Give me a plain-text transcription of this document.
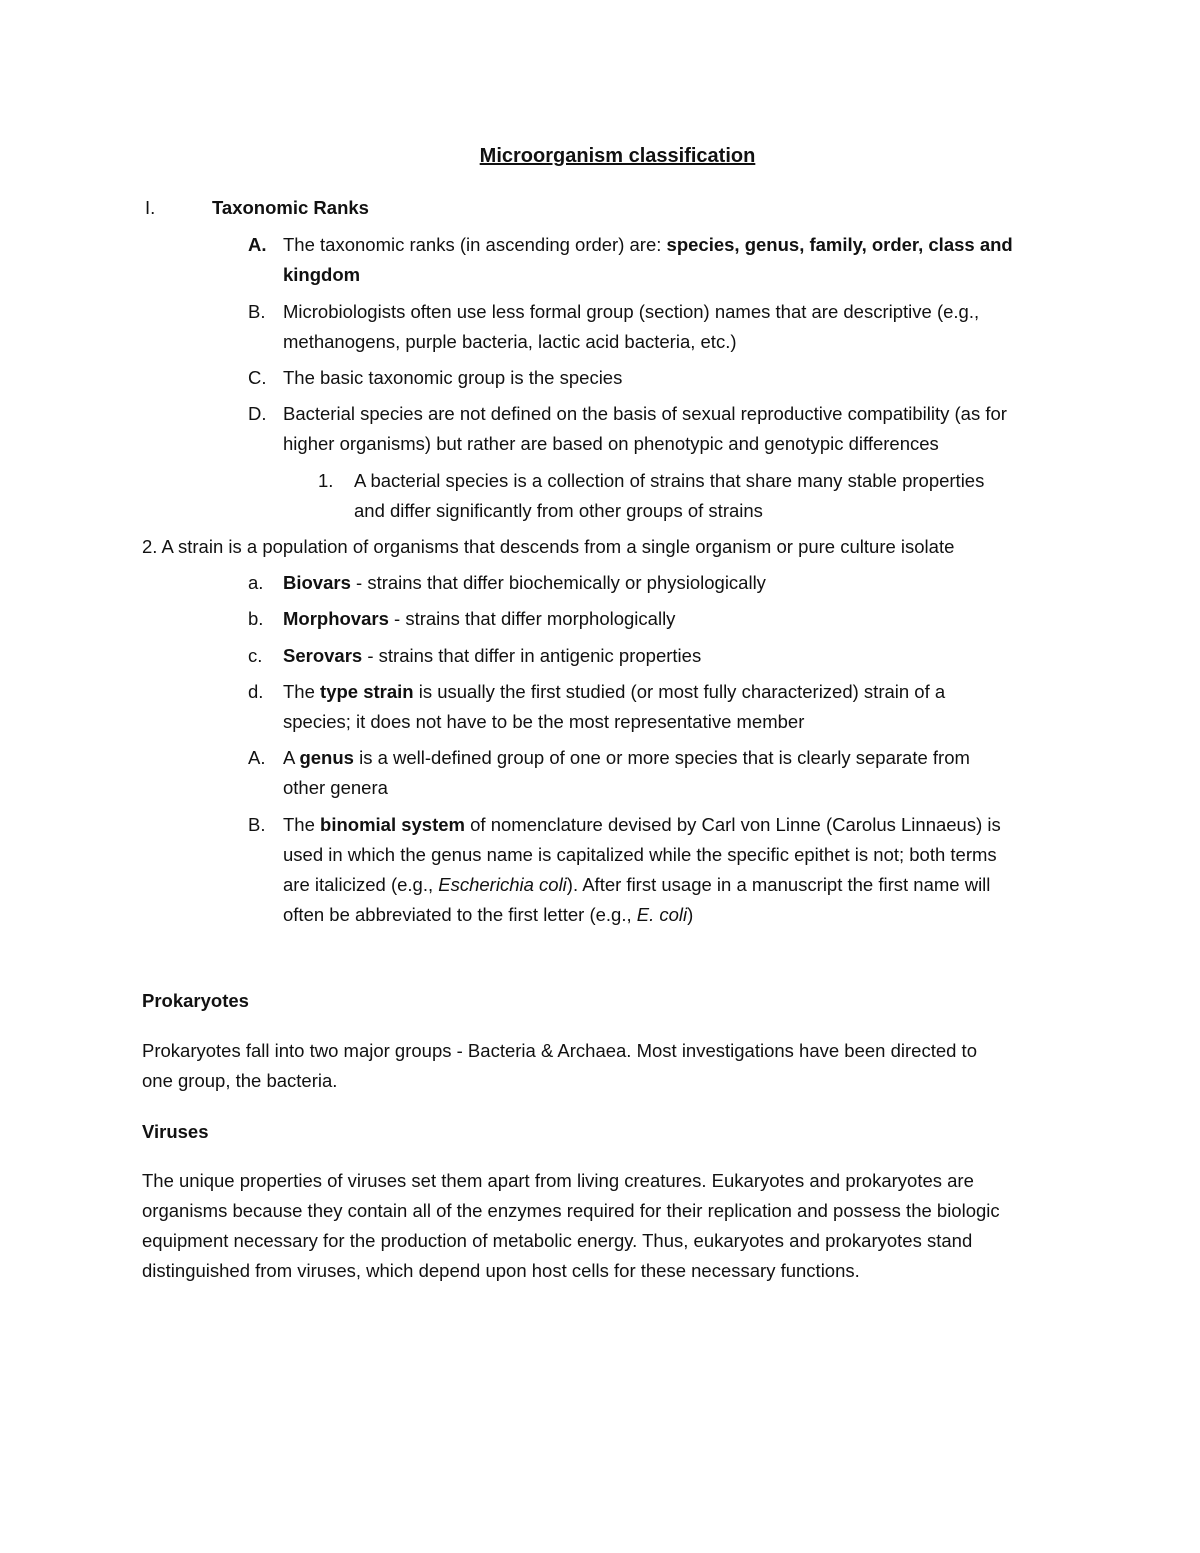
Microorganism classification
I.	Taxonomic Ranks
A. The taxonomic ranks (in ascending order) are: species, genus, family, order, class and
kingdom
B. Microbiologists often use less formal group (section) names that are descriptive (e.g.,
methanogens, purple bacteria, lactic acid bacteria, etc.)
C. The basic taxonomic group is the species
D. Bacterial species are not defined on the basis of sexual reproductive compatibility (as for
higher organisms) but rather are based on phenotypic and genotypic differences
1. A bacterial species is a collection of strains that share many stable properties
and differ significantly from other groups of strains
2. A strain is a population of organisms that descends from a single organism or pure culture isolate
a. Biovars - strains that differ biochemically or physiologically
b. Morphovars - strains that differ morphologically
c. Serovars - strains that differ in antigenic properties
d. The type strain is usually the first studied (or most fully characterized) strain of a
species; it does not have to be the most representative member
A. A genus is a well-defined group of one or more species that is clearly separate from
other genera
B. The binomial system of nomenclature devised by Carl von Linne (Carolus Linnaeus) is
used in which the genus name is capitalized while the specific epithet is not; both terms
are italicized (e.g., Escherichia coli). After first usage in a manuscript the first name will
often be abbreviated to the first letter (e.g., E. coli)
Prokaryotes
Prokaryotes fall into two major groups - Bacteria & Archaea. Most investigations have been directed to
one group, the bacteria.
Viruses
The unique properties of viruses set them apart from living creatures. Eukaryotes and prokaryotes are
organisms because they contain all of the enzymes required for their replication and possess the biologic
equipment necessary for the production of metabolic energy. Thus, eukaryotes and prokaryotes stand
distinguished from viruses, which depend upon host cells for these necessary functions.
